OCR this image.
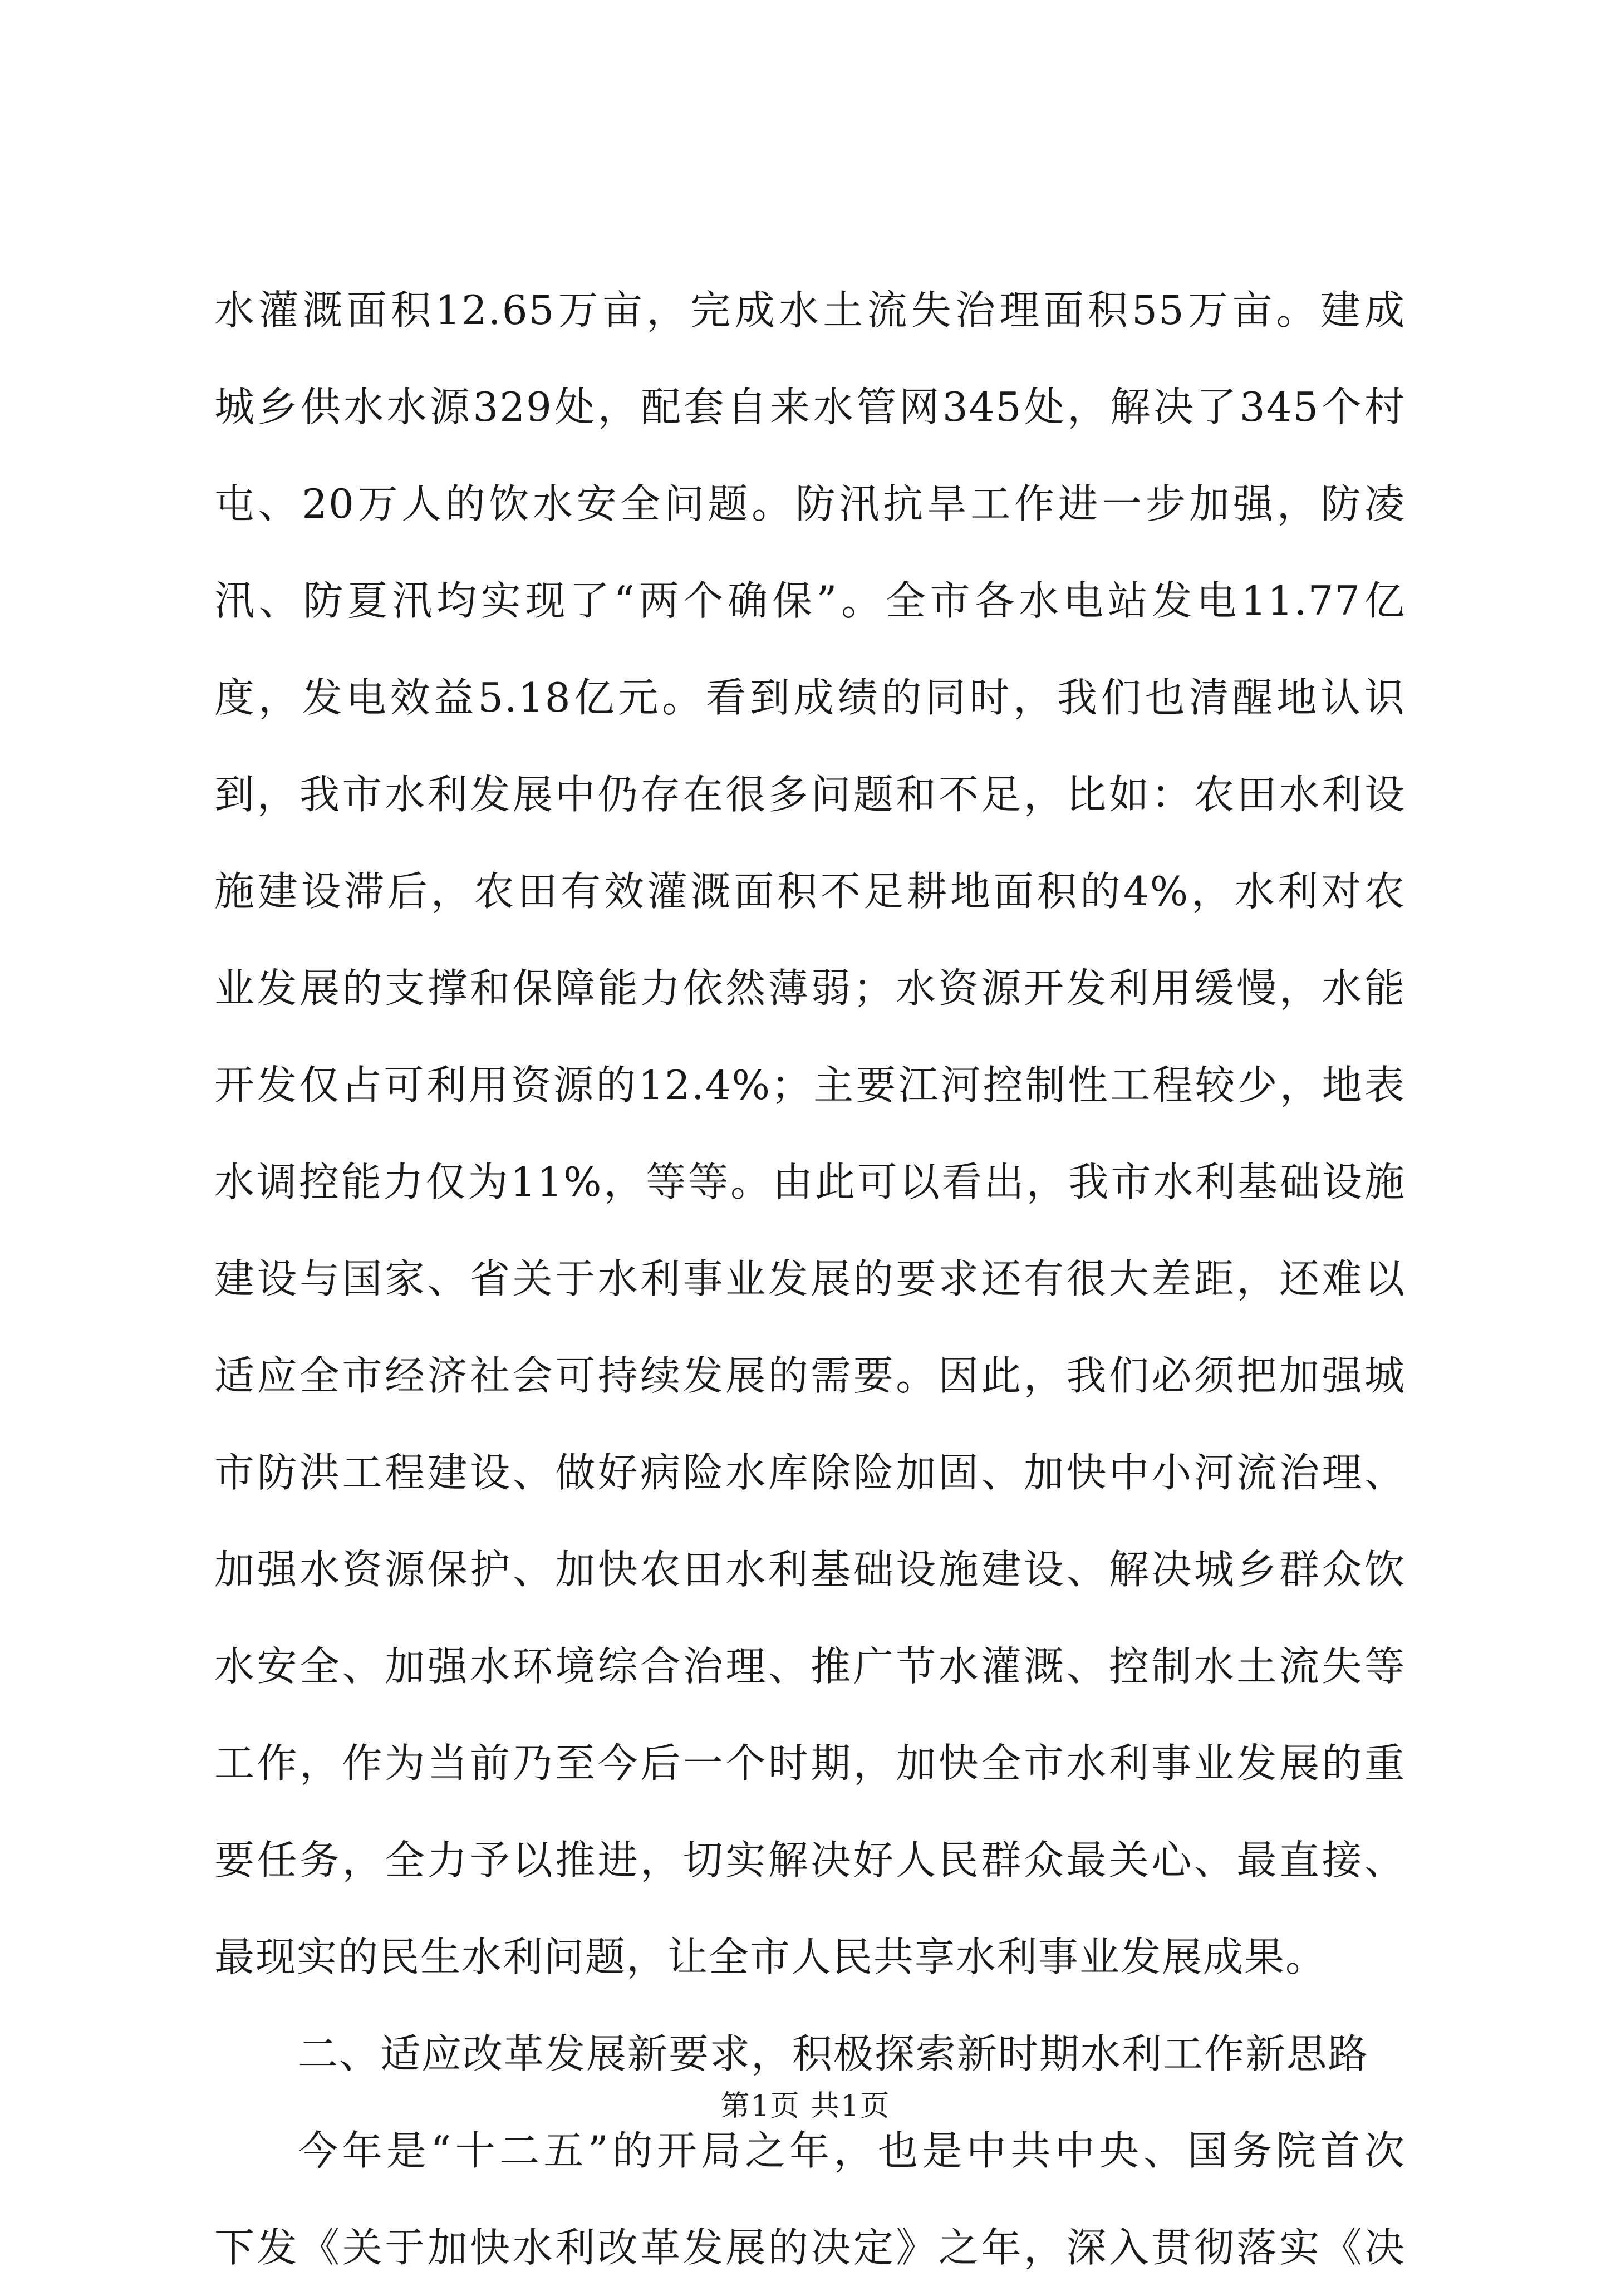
水灌溉面积12.65万亩，完成水土流失治理面积55万亩。建成
城乡供水水源329处，配套自来水管网345处，解决了345个村
屯、20万人的饮水安全问题。防汛抗旱工作进一步加强，防凌
汛、防夏汛均实现了“两个确保”。全市各水电站发电11.77亿
度，发电效益5.18亿元。看到成绩的同时，我们也清醒地认识
到，我市水利发展中仍存在很多问题和不足，比如：农田水利设
施建设滞后，农田有效灌溉面积不足耕地面积的4%，水利对农
业发展的支撑和保障能力依然薄弱；水资源开发利用缓慢，水能
开发仅占可利用资源的12.4%；主要江河控制性工程较少，地表
水调控能力仅为11%，等等。由此可以看出，我市水利基础设施
建设与国家、省关于水利事业发展的要求还有很大差距，还难以
适应全市经济社会可持续发展的需要。因此，我们必须把加强城
市防洪工程建设、做好病险水库除险加固、加快中小河流治理、
加强水资源保护、加快农田水利基础设施建设、解决城乡群众饮
水安全、加强水环境综合治理、推广节水灌溉、控制水土流失等
工作，作为当前乃至今后一个时期，加快全市水利事业发展的重
要任务，全力予以推进，切实解决好人民群众最关心、最直接、
最现实的民生水利问题，让全市人民共享水利事业发展成果。
二、适应改革发展新要求，积极探索新时期水利工作新思路
今年是“十二五”的开局之年，也是中共中央、国务院首次
下发《关于加快水利改革发展的决定》之年，深入贯彻落实《决
第1页 共1页
